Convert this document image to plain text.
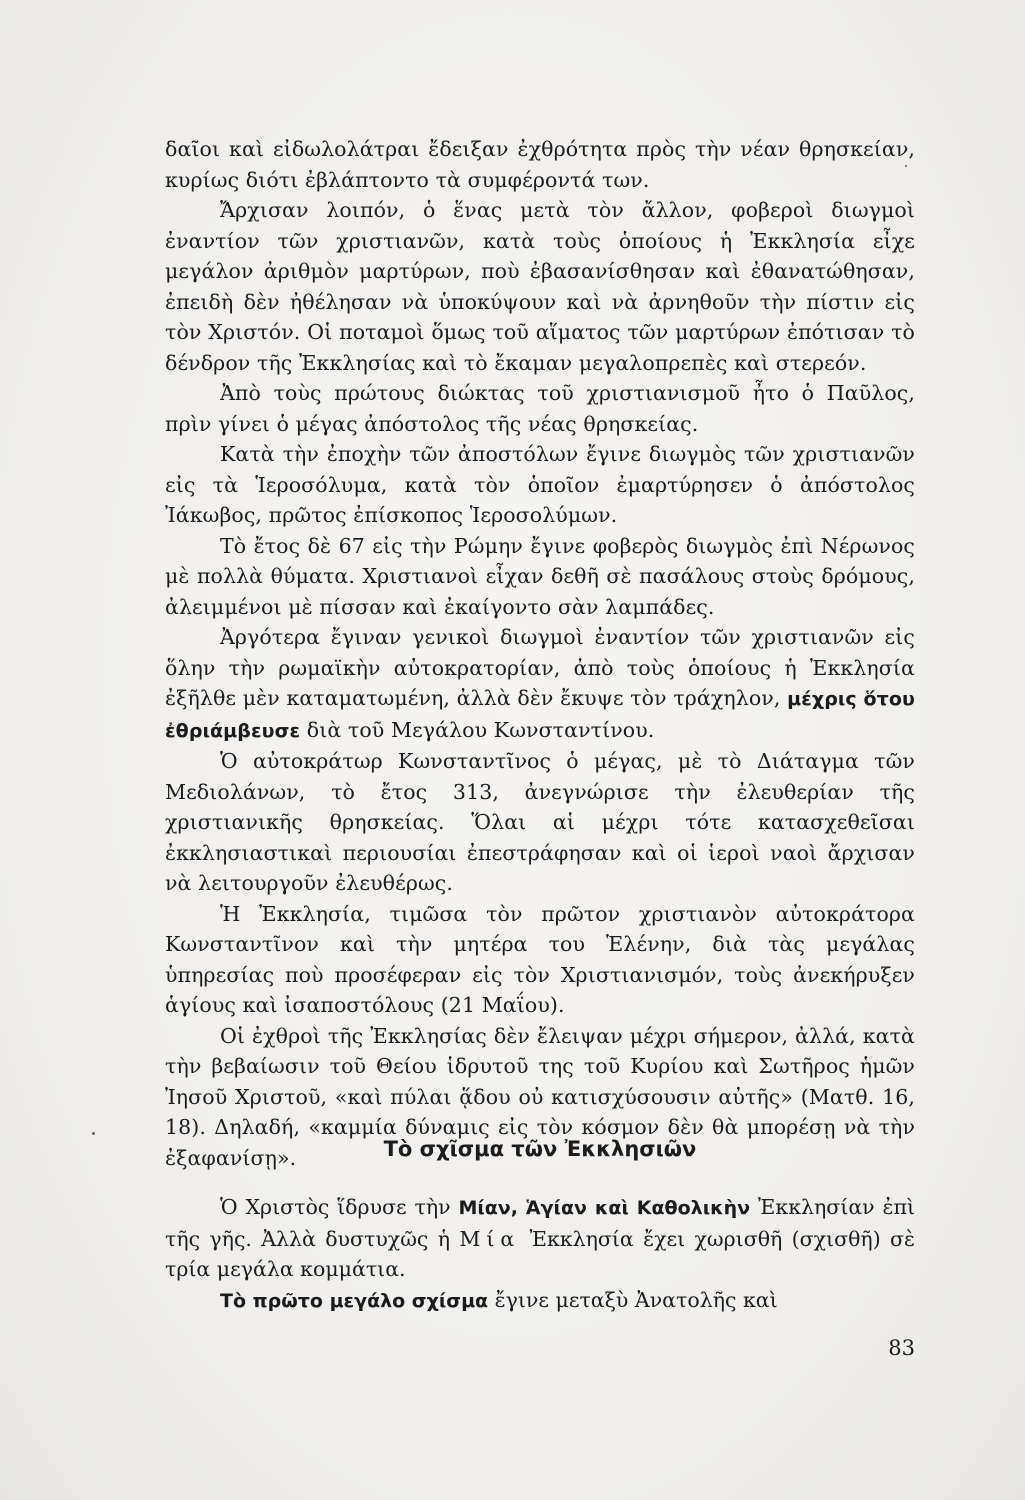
δαῖοι καὶ εἰδωλολάτραι ἔδειξαν ἐχθρότητα πρὸς τὴν νέαν θρησκείαν, κυρίως διότι ἐβλάπτοντο τὰ συμφέροντά των.

Ἄρχισαν λοιπόν, ὁ ἕνας μετὰ τὸν ἄλλον, φοβεροὶ διωγμοὶ ἐναντίον τῶν χριστιανῶν, κατὰ τοὺς ὁποίους ἡ Ἐκκλησία εἶχε μεγάλον ἀριθμὸν μαρτύρων, ποὺ ἐβασανίσθησαν καὶ ἐθανατώθησαν, ἐπειδὴ δὲν ἠθέλησαν νὰ ὑποκύψουν καὶ νὰ ἀρνηθοῦν τὴν πίστιν εἰς τὸν Χριστόν. Οἱ ποταμοὶ ὅμως τοῦ αἵματος τῶν μαρτύρων ἐπότισαν τὸ δένδρον τῆς Ἐκκλησίας καὶ τὸ ἔκαμαν μεγαλοπρεπὲς καὶ στερεόν.

Ἀπὸ τοὺς πρώτους διώκτας τοῦ χριστιανισμοῦ ἦτο ὁ Παῦλος, πρὶν γίνει ὁ μέγας ἀπόστολος τῆς νέας θρησκείας.

Κατὰ τὴν ἐποχὴν τῶν ἀποστόλων ἔγινε διωγμὸς τῶν χριστιανῶν εἰς τὰ Ἱεροσόλυμα, κατὰ τὸν ὁποῖον ἐμαρτύρησεν ὁ ἀπόστολος Ἰάκωβος, πρῶτος ἐπίσκοπος Ἱεροσολύμων.

Τὸ ἔτος δὲ 67 εἰς τὴν Ρώμην ἔγινε φοβερὸς διωγμὸς ἐπὶ Νέρωνος μὲ πολλὰ θύματα. Χριστιανοὶ εἶχαν δεθῆ σὲ πασάλους στοὺς δρόμους, ἀλειμμένοι μὲ πίσσαν καὶ ἐκαίγοντο σὰν λαμπάδες.

Ἀργότερα ἔγιναν γενικοὶ διωγμοὶ ἐναντίον τῶν χριστιανῶν εἰς ὅλην τὴν ρωμαϊκὴν αὐτοκρατορίαν, ἀπὸ τοὺς ὁποίους ἡ Ἐκκλησία ἐξῆλθε μὲν καταματωμένη, ἀλλὰ δὲν ἔκυψε τὸν τράχηλον, μέχρις ὅτου ἐθριάμβευσε διὰ τοῦ Μεγάλου Κωνσταντίνου.

Ὁ αὐτοκράτωρ Κωνσταντῖνος ὁ μέγας, μὲ τὸ Διάταγμα τῶν Μεδιολάνων, τὸ ἔτος 313, ἀνεγνώρισε τὴν ἐλευθερίαν τῆς χριστιανικῆς θρησκείας. Ὅλαι αἱ μέχρι τότε κατασχεθεῖσαι ἐκκλησιαστικαὶ περιουσίαι ἐπεστράφησαν καὶ οἱ ἱεροὶ ναοὶ ἄρχισαν νὰ λειτουργοῦν ἐλευθέρως.

Ἡ Ἐκκλησία, τιμῶσα τὸν πρῶτον χριστιανὸν αὐτοκράτορα Κωνσταντῖνον καὶ τὴν μητέρα του Ἑλένην, διὰ τὰς μεγάλας ὑπηρεσίας ποὺ προσέφεραν εἰς τὸν Χριστιανισμόν, τοὺς ἀνεκήρυξεν ἁγίους καὶ ἰσαποστόλους (21 Μαΐου).

Οἱ ἐχθροὶ τῆς Ἐκκλησίας δὲν ἔλειψαν μέχρι σήμερον, ἀλλά, κατὰ τὴν βεβαίωσιν τοῦ Θείου ἱδρυτοῦ της τοῦ Κυρίου καὶ Σωτῆρος ἡμῶν Ἰησοῦ Χριστοῦ, «καὶ πύλαι ᾅδου οὐ κατισχύσουσιν αὐτῆς» (Ματθ. 16, 18). Δηλαδή, «καμμία δύναμις εἰς τὸν κόσμον δὲν θὰ μπορέσῃ νὰ τὴν ἐξαφανίσῃ».	Τὸ σχῖσμα τῶν Ἐκκλησιῶν

Ὁ Χριστὸς ἵδρυσε τὴν Μίαν, Ἁγίαν καὶ Καθολικὴν Ἐκκλησίαν ἐπὶ τῆς γῆς. Ἀλλὰ δυστυχῶς ἡ Μία Ἐκκλησία ἔχει χωρισθῆ (σχισθῆ) σὲ τρία μεγάλα κομμάτια.

Τὸ πρῶτο μεγάλο σχίσμα ἔγινε μεταξὺ Ἀνατολῆς καὶ

83
